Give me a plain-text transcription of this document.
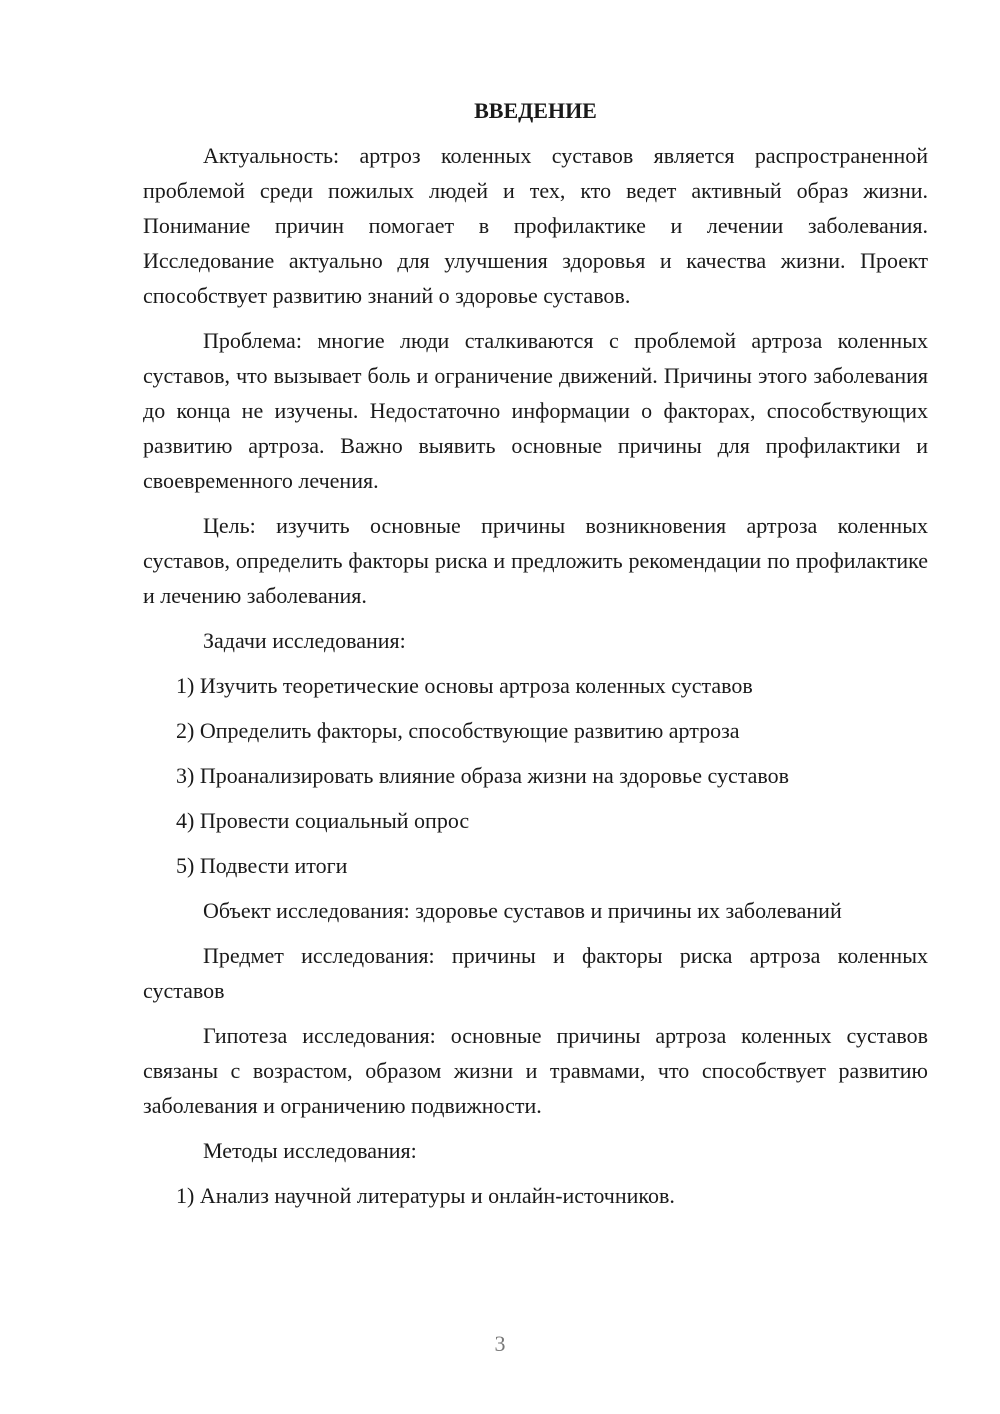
ВВЕДЕНИЕ

Актуальность: артроз коленных суставов является распространенной проблемой среди пожилых людей и тех, кто ведет активный образ жизни. Понимание причин помогает в профилактике и лечении заболевания. Исследование актуально для улучшения здоровья и качества жизни. Проект способствует развитию знаний о здоровье суставов.

Проблема: многие люди сталкиваются с проблемой артроза коленных суставов, что вызывает боль и ограничение движений. Причины этого заболевания до конца не изучены. Недостаточно информации о факторах, способствующих развитию артроза. Важно выявить основные причины для профилактики и своевременного лечения.

Цель: изучить основные причины возникновения артроза коленных суставов, определить факторы риска и предложить рекомендации по профилактике и лечению заболевания.

Задачи исследования:

1) Изучить теоретические основы артроза коленных суставов
2) Определить факторы, способствующие развитию артроза
3) Проанализировать влияние образа жизни на здоровье суставов
4) Провести социальный опрос
5) Подвести итоги

Объект исследования: здоровье суставов и причины их заболеваний

Предмет исследования: причины и факторы риска артроза коленных суставов

Гипотеза исследования: основные причины артроза коленных суставов связаны с возрастом, образом жизни и травмами, что способствует развитию заболевания и ограничению подвижности.

Методы исследования:

1) Анализ научной литературы и онлайн-источников.
3
